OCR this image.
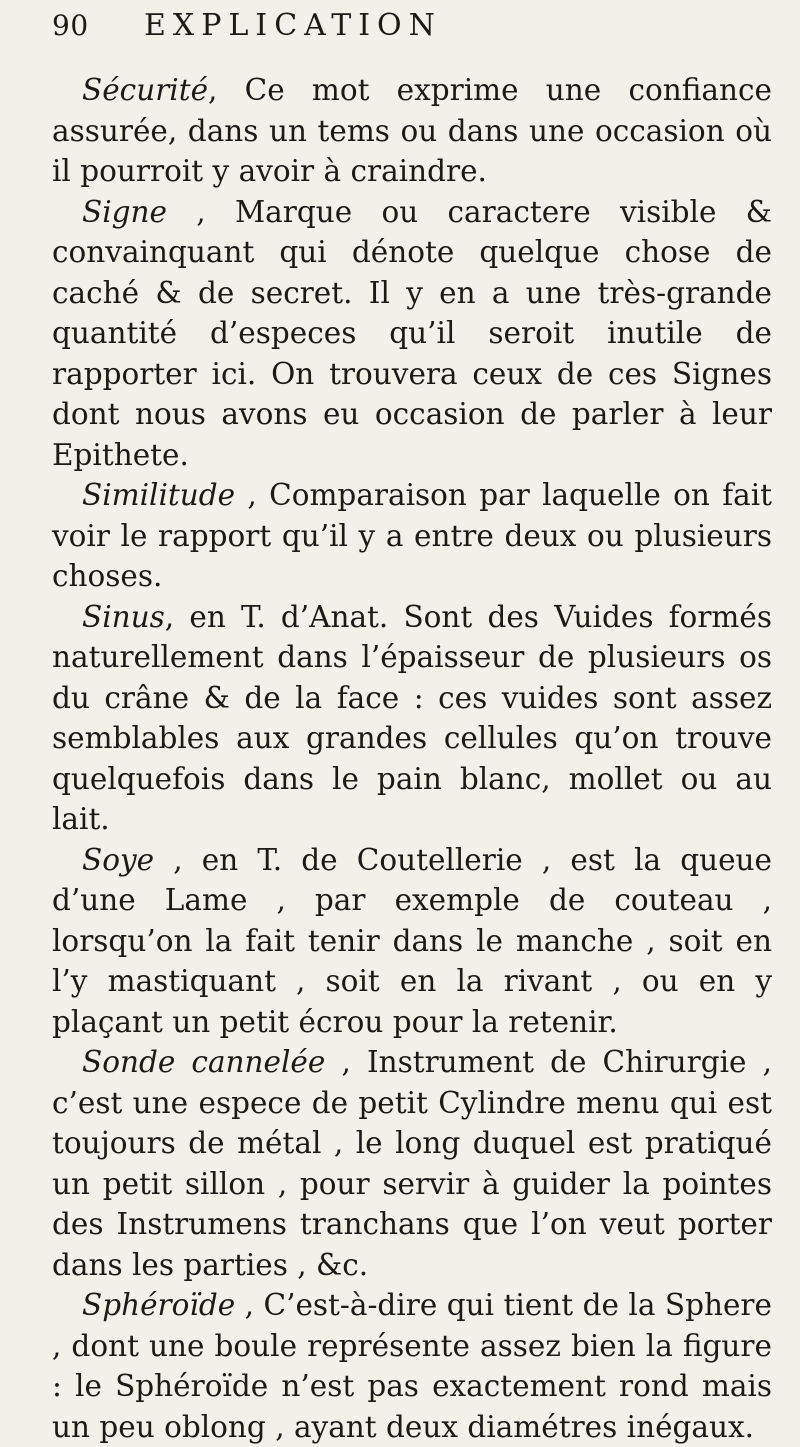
90	EXPLICATION

Sécurité, Ce mot exprime une confiance assurée, dans un tems ou dans une occasion où il pourroit y avoir à craindre.

Signe , Marque ou caractere visible & convainquant qui dénote quelque chose de caché & de secret. Il y en a une très-grande quantité d’especes qu’il seroit inutile de rapporter ici. On trouvera ceux de ces Signes dont nous avons eu occasion de parler à leur Epithete.

Similitude , Comparaison par laquelle on fait voir le rapport qu’il y a entre deux ou plusieurs choses.

Sinus, en T. d’Anat. Sont des Vuides formés naturellement dans l’épaisseur de plusieurs os du crâne & de la face : ces vuides sont assez semblables aux grandes cellules qu’on trouve quelquefois dans le pain blanc, mollet ou au lait.

Soye , en T. de Coutellerie , est la queue d’une Lame , par exemple de couteau , lorsqu’on la fait tenir dans le manche , soit en l’y mastiquant , soit en la rivant , ou en y plaçant un petit écrou pour la retenir.

Sonde cannelée , Instrument de Chirurgie , c’est une espece de petit Cylindre menu qui est toujours de métal , le long duquel est pratiqué un petit sillon , pour servir à guider la pointes des Instrumens tranchans que l’on veut porter dans les parties , &c.

Sphéroïde , C’est-à-dire qui tient de la Sphere , dont une boule représente assez bien la figure : le Sphéroïde n’est pas exactement rond mais un peu oblong , ayant deux diamétres inégaux.
